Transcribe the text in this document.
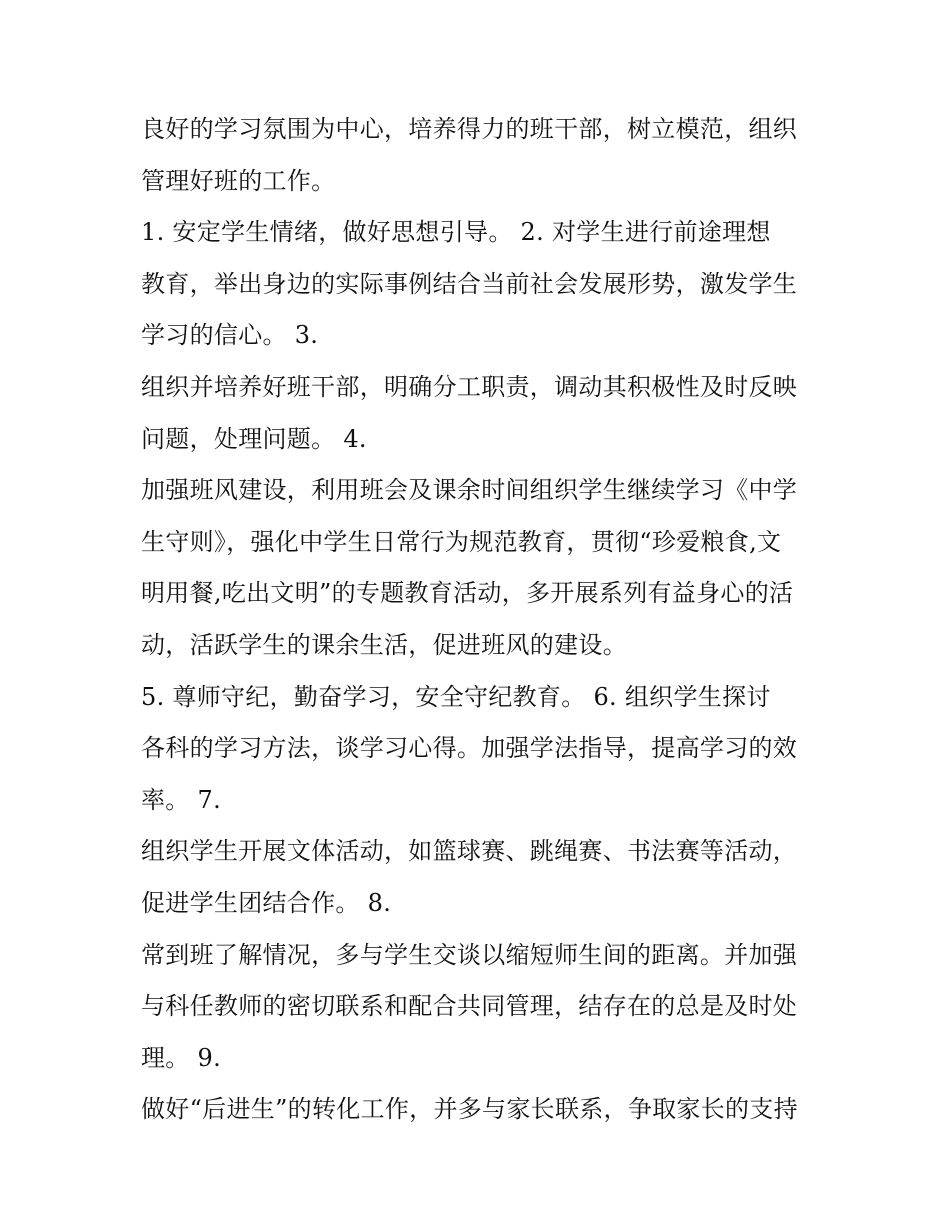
良好的学习氛围为中心，培养得力的班干部，树立模范，组织
管理好班的工作。
1. 安定学生情绪，做好思想引导。 2. 对学生进行前途理想
教育，举出身边的实际事例结合当前社会发展形势，激发学生
学习的信心。 3.
组织并培养好班干部，明确分工职责，调动其积极性及时反映
问题，处理问题。 4.
加强班风建设，利用班会及课余时间组织学生继续学习《中学
生守则》，强化中学生日常行为规范教育，贯彻“珍爱粮食,文
明用餐,吃出文明”的专题教育活动，多开展系列有益身心的活
动，活跃学生的课余生活，促进班风的建设。
5. 尊师守纪，勤奋学习，安全守纪教育。 6. 组织学生探讨
各科的学习方法，谈学习心得。加强学法指导，提高学习的效
率。 7.
组织学生开展文体活动，如篮球赛、跳绳赛、书法赛等活动，
促进学生团结合作。 8.
常到班了解情况，多与学生交谈以缩短师生间的距离。并加强
与科任教师的密切联系和配合共同管理，结存在的总是及时处
理。 9.
做好“后进生”的转化工作，并多与家长联系，争取家长的支持
